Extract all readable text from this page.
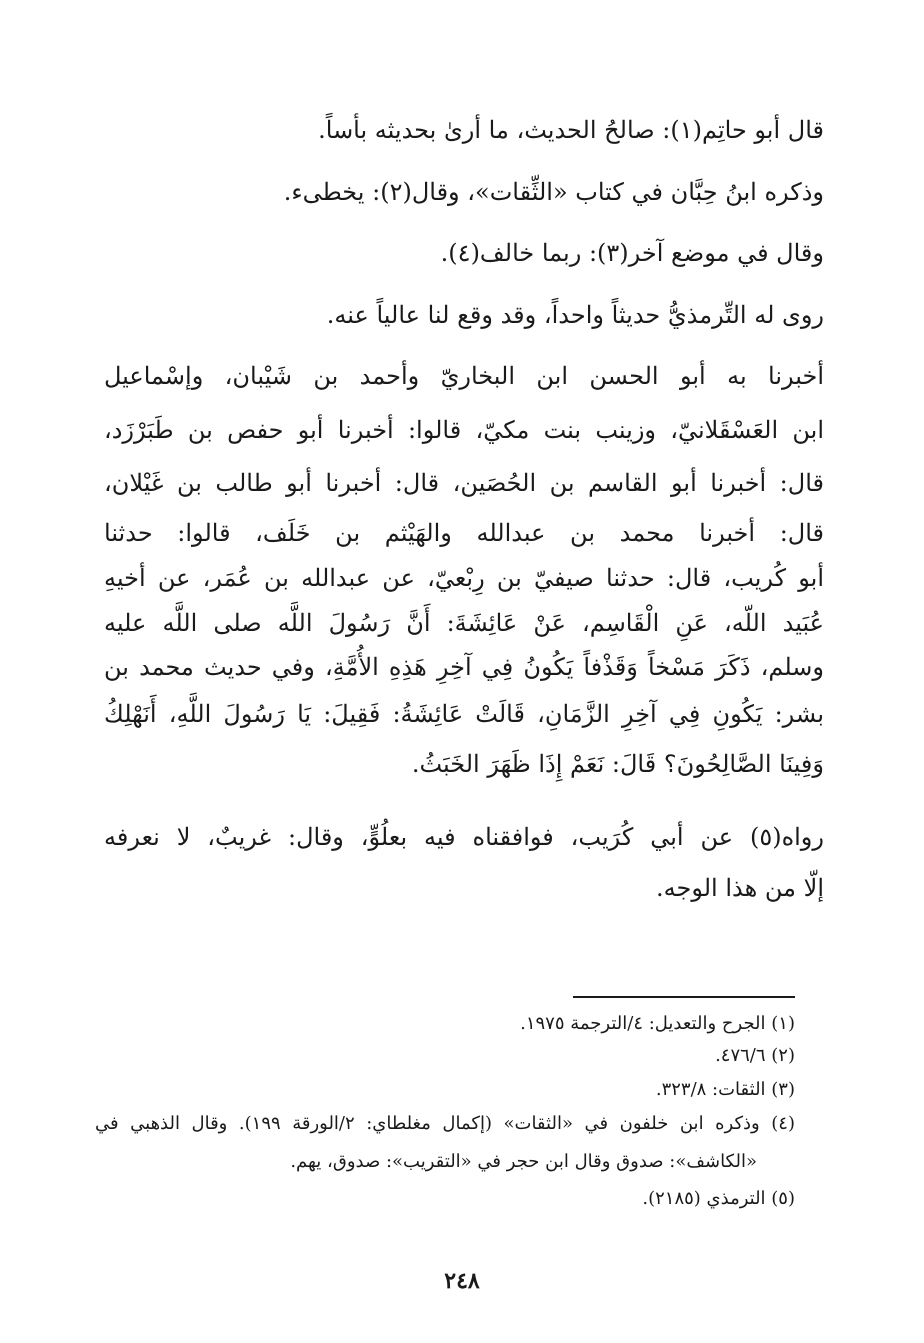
قال أبو حاتِم(١): صالحُ الحديث، ما أرىٰ بحديثه بأساً.
وذكره ابنُ حِبَّان في كتاب «الثِّقات»، وقال(٢): يخطىء.
وقال في موضع آخر(٣): ربما خالف(٤).
روى له التِّرمذيُّ حديثاً واحداً، وقد وقع لنا عالياً عنه.
أخبرنا به أبو الحسن ابن البخاريّ وأحمد بن شَيْبان، وإسْماعيل
ابن العَسْقَلانيّ، وزينب بنت مكيّ، قالوا: أخبرنا أبو حفص بن طَبَرْزَد،
قال: أخبرنا أبو القاسم بن الحُصَين، قال: أخبرنا أبو طالب بن غَيْلان،
قال: أخبرنا محمد بن عبدالله والهَيْثم بن خَلَف، قالوا: حدثنا
أبو كُريب، قال: حدثنا صيفيّ بن رِبْعيّ، عن عبدالله بن عُمَر، عن أخيهِ
عُبَيد اللّه، عَنِ الْقَاسِم، عَنْ عَائِشَةَ: أَنَّ رَسُولَ اللَّه صلى اللَّه عليه
وسلم، ذَكَرَ مَسْخاً وَقَذْفاً يَكُونُ فِي آخِرِ هَذِهِ الأُمَّةِ، وفي حديث محمد بن
بشر: يَكُونِ فِي آخِرِ الزَّمَانِ، قَالَتْ عَائِشَةُ: فَقِيلَ: يَا رَسُولَ اللَّهِ، أَنَهْلِكُ
وَفِينَا الصَّالِحُونَ؟ قَالَ: نَعَمْ إِذَا ظَهَرَ الخَبَثُ.
رواه(٥) عن أبي كُرَيب، فوافقناه فيه بعلُوٍّ، وقال: غريبٌ، لا نعرفه
إلّا من هذا الوجه.
(١) الجرح والتعديل: ٤/الترجمة ١٩٧٥.
(٢) ٤٧٦/٦.
(٣) الثقات: ٣٢٣/٨.
(٤) وذكره ابن خلفون في «الثقات» (إكمال مغلطاي: ٢/الورقة ١٩٩). وقال الذهبي في
«الكاشف»: صدوق وقال ابن حجر في «التقريب»: صدوق، يهم.
(٥) الترمذي (٢١٨٥).
٢٤٨
